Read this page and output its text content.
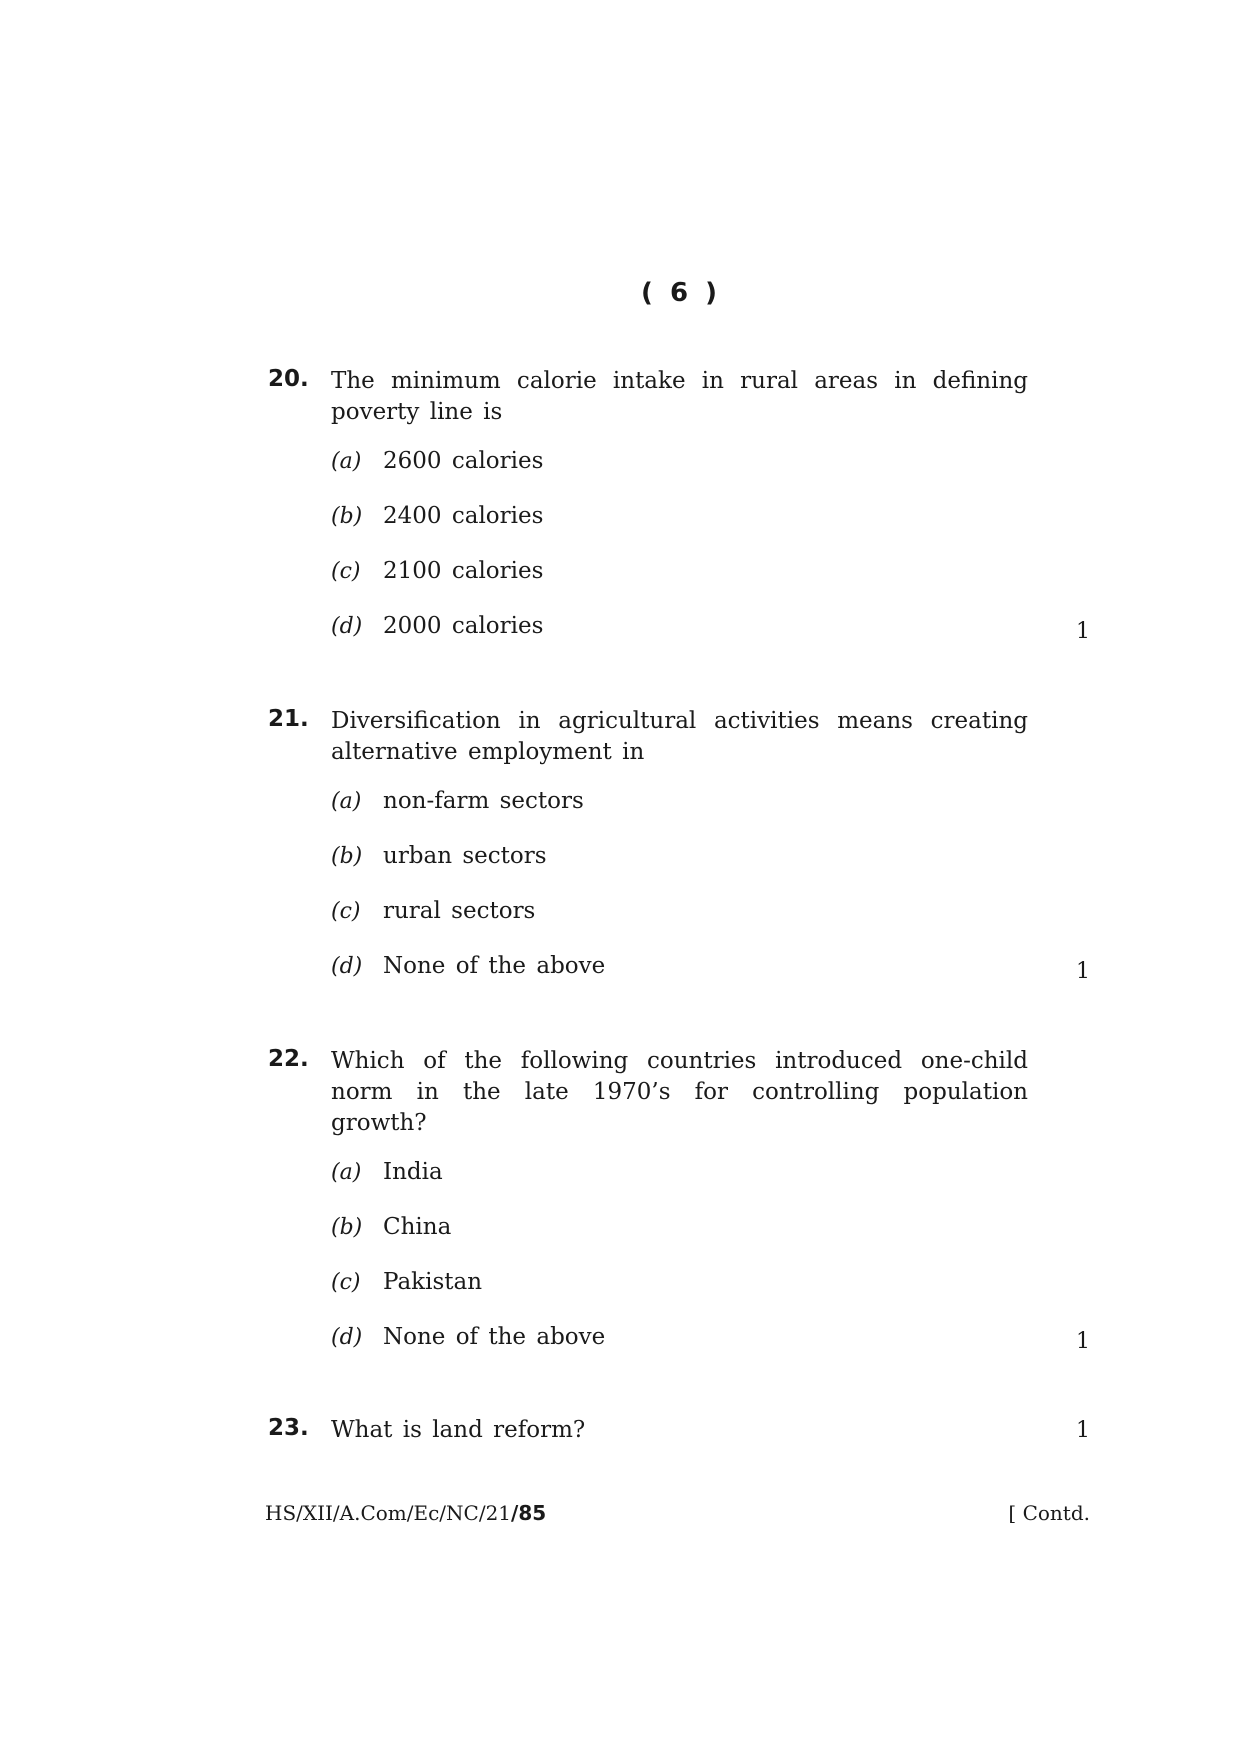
( 6 )
20. The minimum calorie intake in rural areas in defining poverty line is
(a) 2600 calories
(b) 2400 calories
(c) 2100 calories
(d) 2000 calories	1
21. Diversification in agricultural activities means creating alternative employment in
(a) non-farm sectors
(b) urban sectors
(c) rural sectors
(d) None of the above	1
22. Which of the following countries introduced one-child norm in the late 1970’s for controlling population growth?
(a) India
(b) China
(c) Pakistan
(d) None of the above	1
23. What is land reform?	1
HS/XII/A.Com/Ec/NC/21/85	[ Contd.
